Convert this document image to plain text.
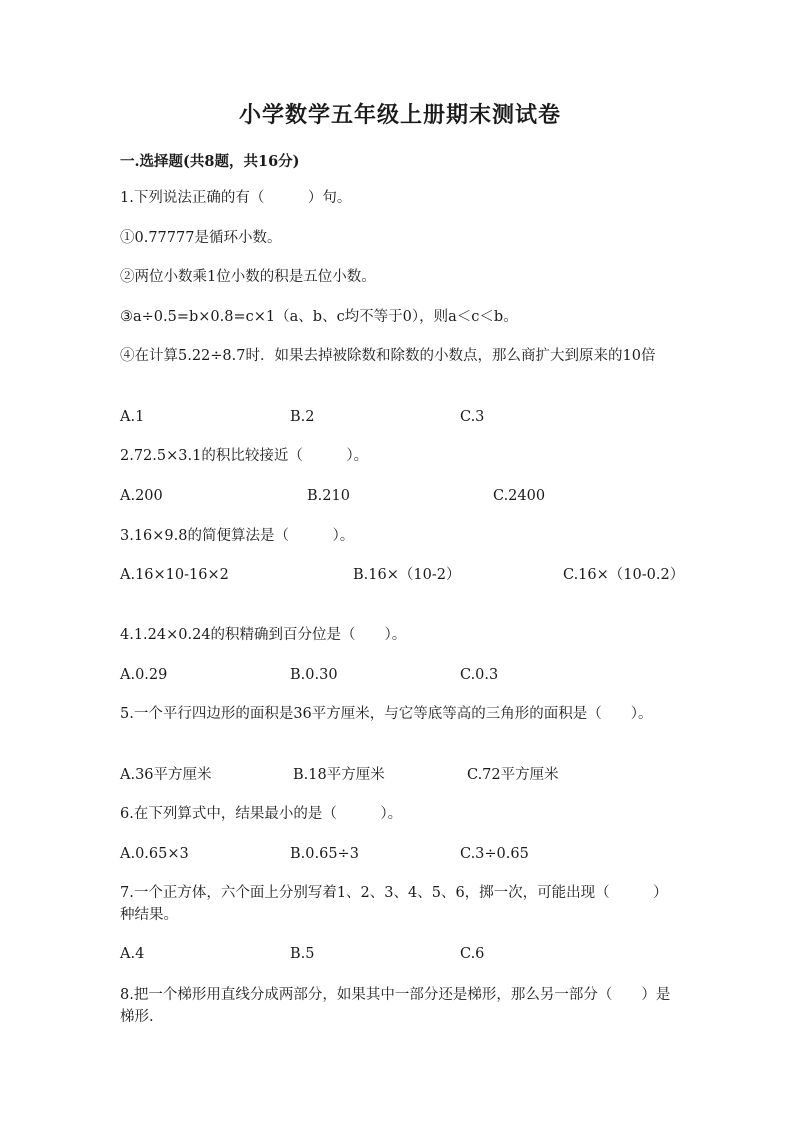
小学数学五年级上册期末测试卷
一.选择题(共8题，共16分)
1.下列说法正确的有（　　　）句。
①0.77777是循环小数。
②两位小数乘1位小数的积是五位小数。
③a÷0.5=b×0.8=c×1（a、b、c均不等于0），则a＜c＜b。
④在计算5.22÷8.7时．如果去掉被除数和除数的小数点，那么商扩大到原来的10倍
A.1	B.2	C.3
2.72.5×3.1的积比较接近（　　　）。
A.200	B.210	C.2400
3.16×9.8的简便算法是（　　　）。
A.16×10-16×2	B.16×（10-2）	C.16×（10-0.2）
4.1.24×0.24的积精确到百分位是（　　）。
A.0.29	B.0.30	C.0.3
5.一个平行四边形的面积是36平方厘米，与它等底等高的三角形的面积是（　　）。
A.36平方厘米	B.18平方厘米	C.72平方厘米
6.在下列算式中，结果最小的是（　　　）。
A.0.65×3	B.0.65÷3	C.3÷0.65
7.一个正方体，六个面上分别写着1、2、3、4、5、6，掷一次，可能出现（　　　）种结果。
A.4	B.5	C.6
8.把一个梯形用直线分成两部分，如果其中一部分还是梯形，那么另一部分（　　）是梯形.
